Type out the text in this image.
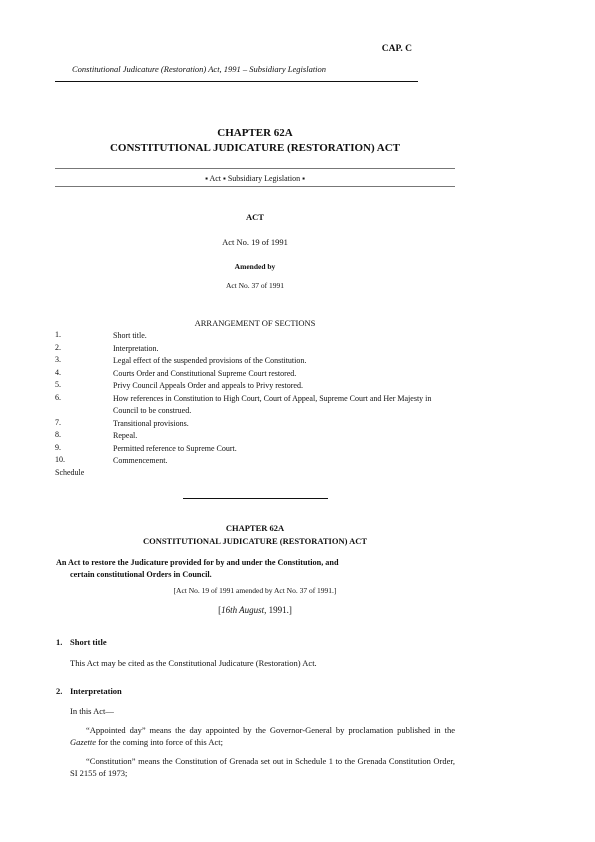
CAP. C
Constitutional Judicature (Restoration) Act, 1991 – Subsidiary Legislation
CHAPTER 62A
CONSTITUTIONAL JUDICATURE (RESTORATION) ACT
▪ Act ▪ Subsidiary Legislation ▪
ACT
Act No. 19 of 1991
Amended by
Act No. 37 of 1991
ARRANGEMENT OF SECTIONS
1.	Short title.
2.	Interpretation.
3.	Legal effect of the suspended provisions of the Constitution.
4.	Courts Order and Constitutional Supreme Court restored.
5.	Privy Council Appeals Order and appeals to Privy restored.
6.	How references in Constitution to High Court, Court of Appeal, Supreme Court and Her Majesty in Council to be construed.
7.	Transitional provisions.
8.	Repeal.
9.	Permitted reference to Supreme Court.
10.	Commencement.
Schedule
CHAPTER 62A
CONSTITUTIONAL JUDICATURE (RESTORATION) ACT
An Act to restore the Judicature provided for by and under the Constitution, and
certain constitutional Orders in Council.
[Act No. 19 of 1991 amended by Act No. 37 of 1991.]
[16th August, 1991.]
1. Short title
This Act may be cited as the Constitutional Judicature (Restoration) Act.
2. Interpretation
In this Act—
“Appointed day” means the day appointed by the Governor-General by proclamation published in the Gazette for the coming into force of this Act;
“Constitution” means the Constitution of Grenada set out in Schedule 1 to the Grenada Constitution Order, SI 2155 of 1973;
